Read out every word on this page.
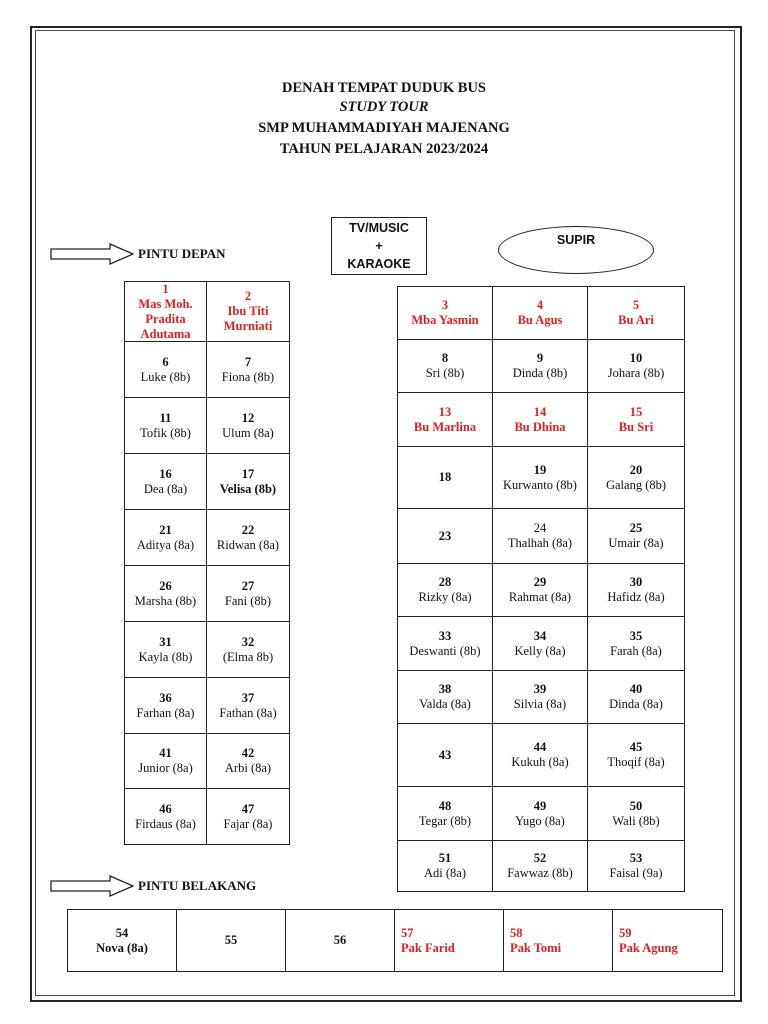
DENAH TEMPAT DUDUK BUS
STUDY TOUR
SMP MUHAMMADIYAH MAJENANG
TAHUN PELAJARAN 2023/2024
TV/MUSIC
+
KARAOKE
SUPIR
PINTU DEPAN
PINTU BELAKANG
1
Mas Moh. Pradita Adutama
2
Ibu Titi Murniati
6
Luke (8b)
7
Fiona (8b)
11
Tofik (8b)
12
Ulum (8a)
16
Dea (8a)
17
Velisa (8b)
21
Aditya (8a)
22
Ridwan (8a)
26
Marsha (8b)
27
Fani (8b)
31
Kayla (8b)
32
(Elma 8b)
36
Farhan (8a)
37
Fathan (8a)
41
Junior (8a)
42
Arbi (8a)
46
Firdaus (8a)
47
Fajar (8a)
3
Mba Yasmin
4
Bu Agus
5
Bu Ari
8
Sri (8b)
9
Dinda (8b)
10
Johara (8b)
13
Bu Marlina
14
Bu Dhina
15
Bu Sri
18
19
Kurwanto (8b)
20
Galang (8b)
23
24
Thalhah (8a)
25
Umair (8a)
28
Rizky (8a)
29
Rahmat (8a)
30
Hafidz (8a)
33
Deswanti (8b)
34
Kelly (8a)
35
Farah (8a)
38
Valda (8a)
39
Silvia (8a)
40
Dinda (8a)
43
44
Kukuh (8a)
45
Thoqif (8a)
48
Tegar (8b)
49
Yugo (8a)
50
Wali (8b)
51
Adi (8a)
52
Fawwaz (8b)
53
Faisal (9a)
54
Nova (8a)
55	56
57
Pak Farid
58
Pak Tomi
59
Pak Agung
